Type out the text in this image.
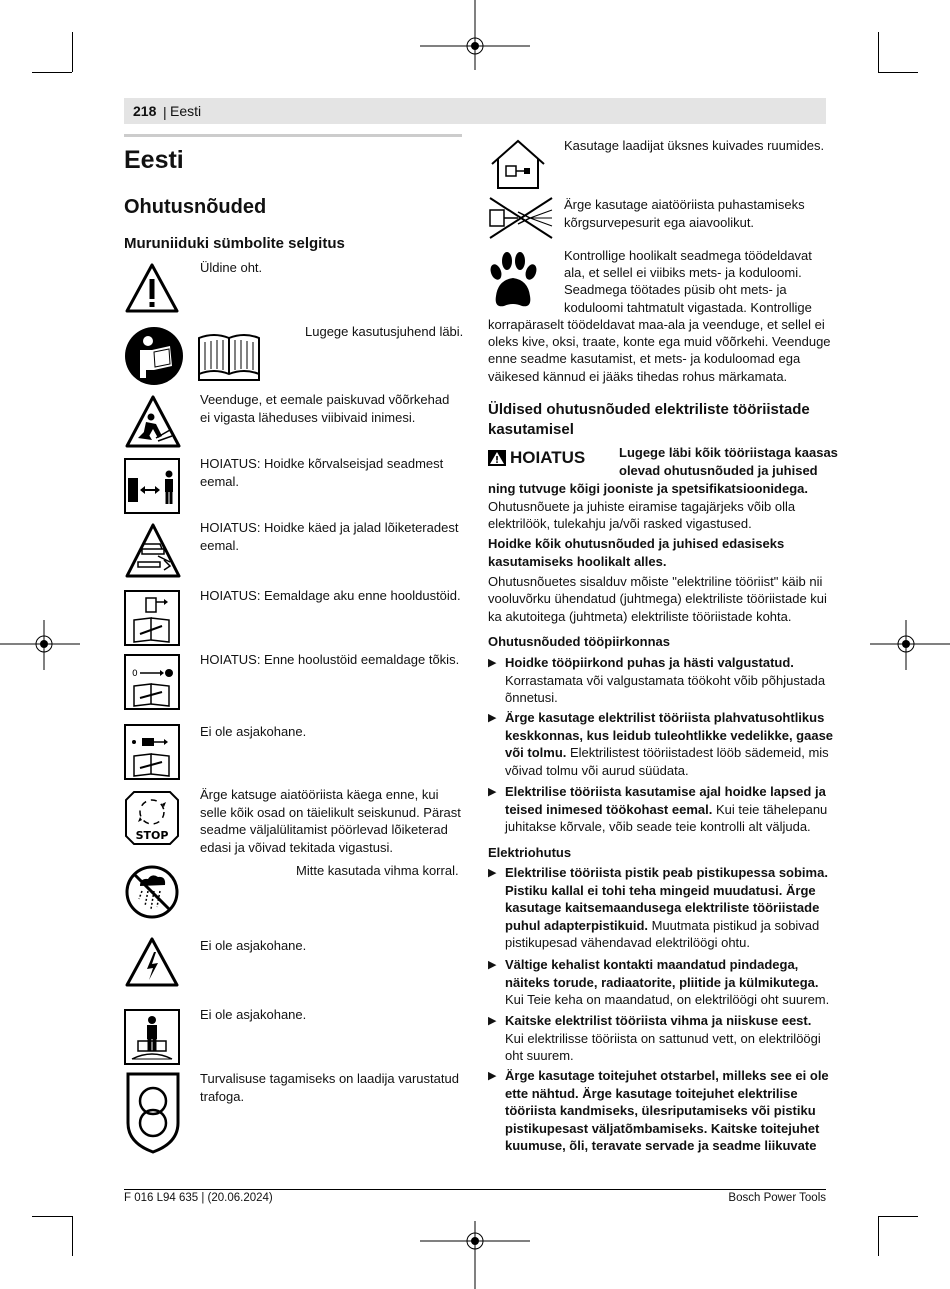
218 | Eesti
Eesti
Ohutusnõuded
Muruniiduki sümbolite selgitus
Üldine oht.
Lugege kasutusjuhend läbi.
Veenduge, et eemale paiskuvad võõrkehad ei vigasta läheduses viibivaid inimesi.
HOIATUS: Hoidke kõrvalseisjad seadmest eemal.
HOIATUS: Hoidke käed ja jalad lõiketeradest eemal.
HOIATUS: Eemaldage aku enne hooldustöid.
0
HOIATUS: Enne hoolustöid eemaldage tõkis.
Ei ole asjakohane.
STOP
Ärge katsuge aiatööriista käega enne, kui selle kõik osad on täielikult seiskunud. Pärast seadme väljalülitamist pöörlevad lõiketerad edasi ja võivad tekitada vigastusi.
Mitte kasutada vihma korral.
Ei ole asjakohane.
Ei ole asjakohane.
Turvalisuse tagamiseks on laadija varustatud trafoga.
Kasutage laadijat üksnes kuivades ruumides.
Ärge kasutage aiatööriista puhastamiseks kõrgsurvepesurit ega aiavoolikut.
Kontrollige hoolikalt seadmega töödeldavat
ala, et sellel ei viibiks mets- ja koduloomi.
Seadmega töötades püsib oht mets- ja
koduloomi tahtmatult vigastada. Kontrollige
korrapäraselt töödeldavat maa-ala ja veenduge, et sellel ei
oleks kive, oksi, traate, konte ega muid võõrkehi. Veenduge
enne seadme kasutamist, et mets- ja koduloomad ega
väikesed kännud ei jääks tihedas rohus märkamata.
Üldised ohutusnõuded elektriliste tööriistade kasutamisel
HOIATUS	Lugege läbi kõik tööriistaga kaasas
olevad ohutusnõuded ja juhised
ning tutvuge kõigi jooniste ja spetsifikatsioonidega.
Ohutusnõuete ja juhiste eiramise tagajärjeks võib olla
elektrilöök, tulekahju ja/või rasked vigastused.
Hoidke kõik ohutusnõuded ja juhised edasiseks
kasutamiseks hoolikalt alles.
Ohutusnõuetes sisalduv mõiste "elektriline tööriist" käib nii
vooluvõrku ühendatud (juhtmega) elektriliste tööriistade kui
ka akutoitega (juhtmeta) elektriliste tööriistade kohta.
Ohutusnõuded tööpiirkonnas
▶ Hoidke tööpiirkond puhas ja hästi valgustatud.
Korrastamata või valgustamata töökoht võib põhjustada
õnnetusi.
▶ Ärge kasutage elektrilist tööriista plahvatusohtlikus
keskkonnas, kus leidub tuleohtlikke vedelikke, gaase
või tolmu. Elektrilistest tööriistadest lööb sädemeid, mis
võivad tolmu või aurud süüdata.
▶ Elektrilise tööriista kasutamise ajal hoidke lapsed ja
teised inimesed töökohast eemal. Kui teie tähelepanu
juhitakse kõrvale, võib seade teie kontrolli alt väljuda.
Elektriohutus
▶ Elektrilise tööriista pistik peab pistikupessa sobima.
Pistiku kallal ei tohi teha mingeid muudatusi. Ärge
kasutage kaitsemaandusega elektriliste tööriistade
puhul adapterpistikuid. Muutmata pistikud ja sobivad
pistikupesad vähendavad elektrilöögi ohtu.
▶ Vältige kehalist kontakti maandatud pindadega,
näiteks torude, radiaatorite, pliitide ja külmikutega.
Kui Teie keha on maandatud, on elektrilöögi oht suurem.
▶ Kaitske elektrilist tööriista vihma ja niiskuse eest.
Kui elektrilisse tööriista on sattunud vett, on elektrilöögi
oht suurem.
▶ Ärge kasutage toitejuhet otstarbel, milleks see ei ole
ette nähtud. Ärge kasutage toitejuhet elektrilise
tööriista kandmiseks, ülesriputamiseks või pistiku
pistikupesast väljatõmbamiseks. Kaitske toitejuhet
kuumuse, õli, teravate servade ja seadme liikuvate
F 016 L94 635 | (20.06.2024)	Bosch Power Tools
